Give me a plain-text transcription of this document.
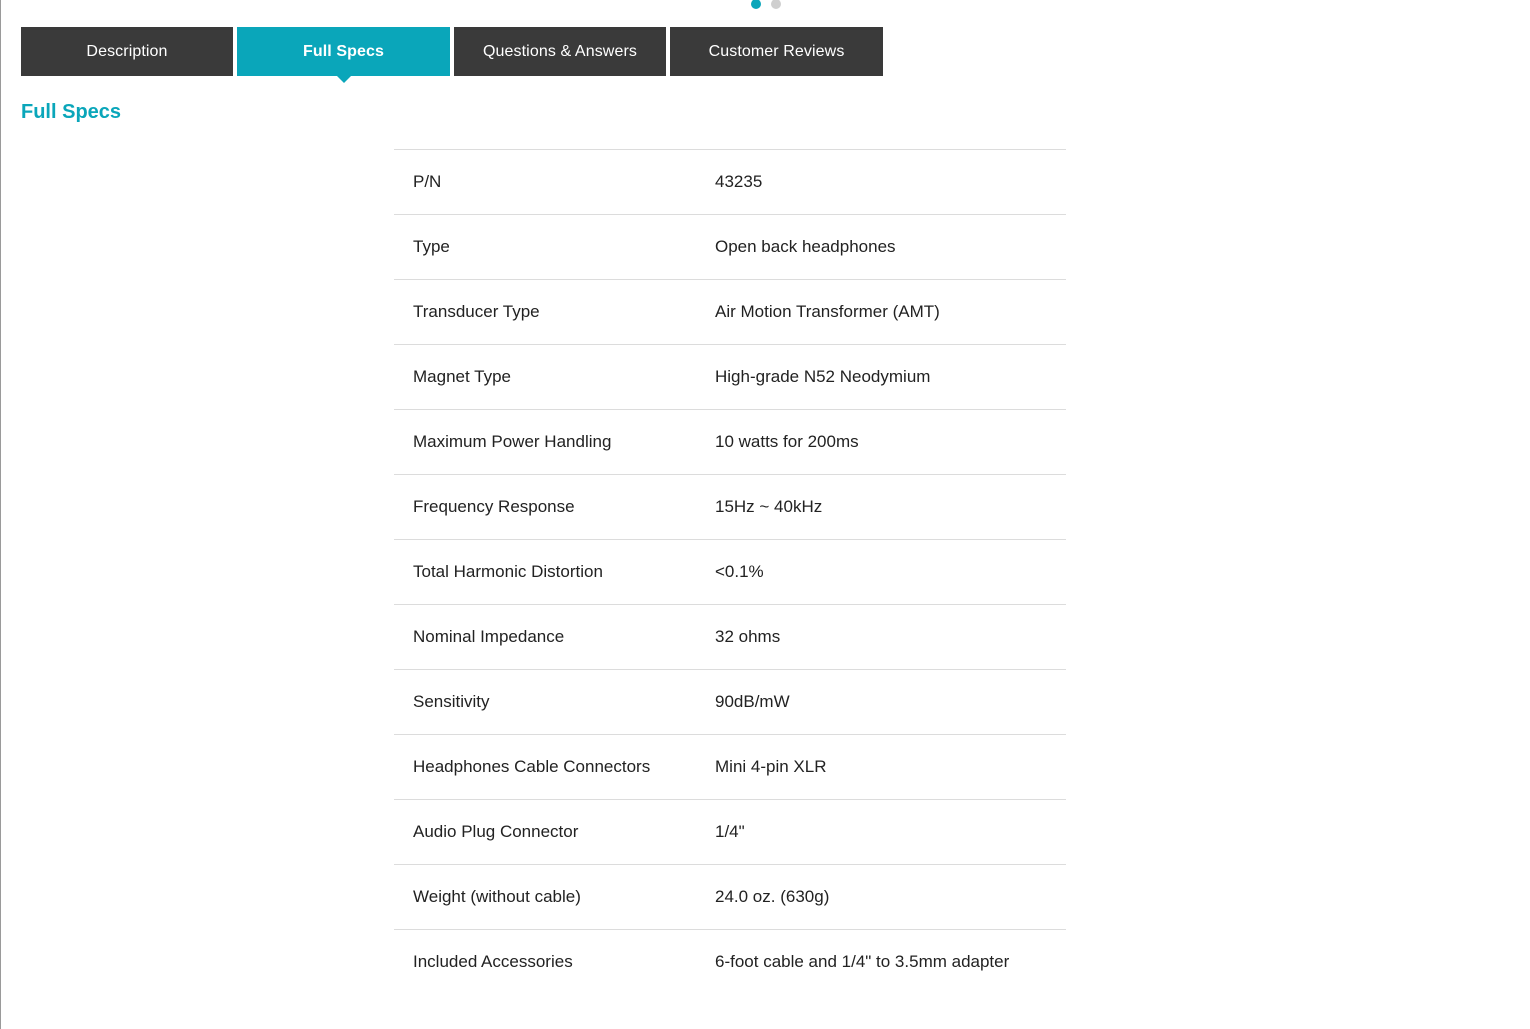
Description	Full Specs	Questions & Answers	Customer Reviews
Full Specs
P/N	43235
Type	Open back headphones
Transducer Type	Air Motion Transformer (AMT)
Magnet Type	High-grade N52 Neodymium
Maximum Power Handling	10 watts for 200ms
Frequency Response	15Hz ~ 40kHz
Total Harmonic Distortion	<0.1%
Nominal Impedance	32 ohms
Sensitivity	90dB/mW
Headphones Cable Connectors	Mini 4-pin XLR
Audio Plug Connector	1/4"
Weight (without cable)	24.0 oz. (630g)
Included Accessories	6-foot cable and 1/4" to 3.5mm adapter
